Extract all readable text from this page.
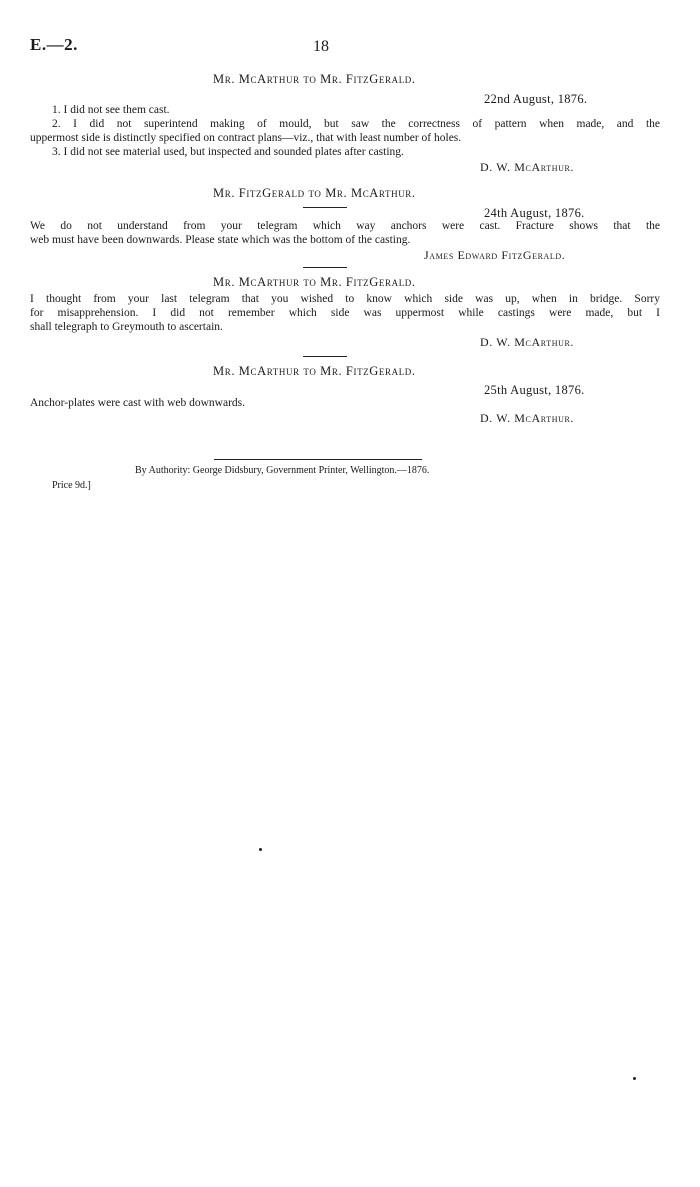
E.—2.	18
Mr. McArthur to Mr. FitzGerald.
22nd August, 1876.
1. I did not see them cast.
2. I did not superintend making of mould, but saw the correctness of pattern when made, and the
uppermost side is distinctly specified on contract plans—viz., that with least number of holes.
3. I did not see material used, but inspected and sounded plates after casting.
D. W. McArthur.
Mr. FitzGerald to Mr. McArthur.
24th August, 1876.
We do not understand from your telegram which way anchors were cast. Fracture shows that the
web must have been downwards. Please state which was the bottom of the casting.
James Edward FitzGerald.
Mr. McArthur to Mr. FitzGerald.
I thought from your last telegram that you wished to know which side was up, when in bridge. Sorry
for misapprehension. I did not remember which side was uppermost while castings were made, but I
shall telegraph to Greymouth to ascertain.
D. W. McArthur.
Mr. McArthur to Mr. FitzGerald.
25th August, 1876.
Anchor-plates were cast with web downwards.
D. W. McArthur.
By Authority: George Didsbury, Government Printer, Wellington.—1876.
Price 9d.]
